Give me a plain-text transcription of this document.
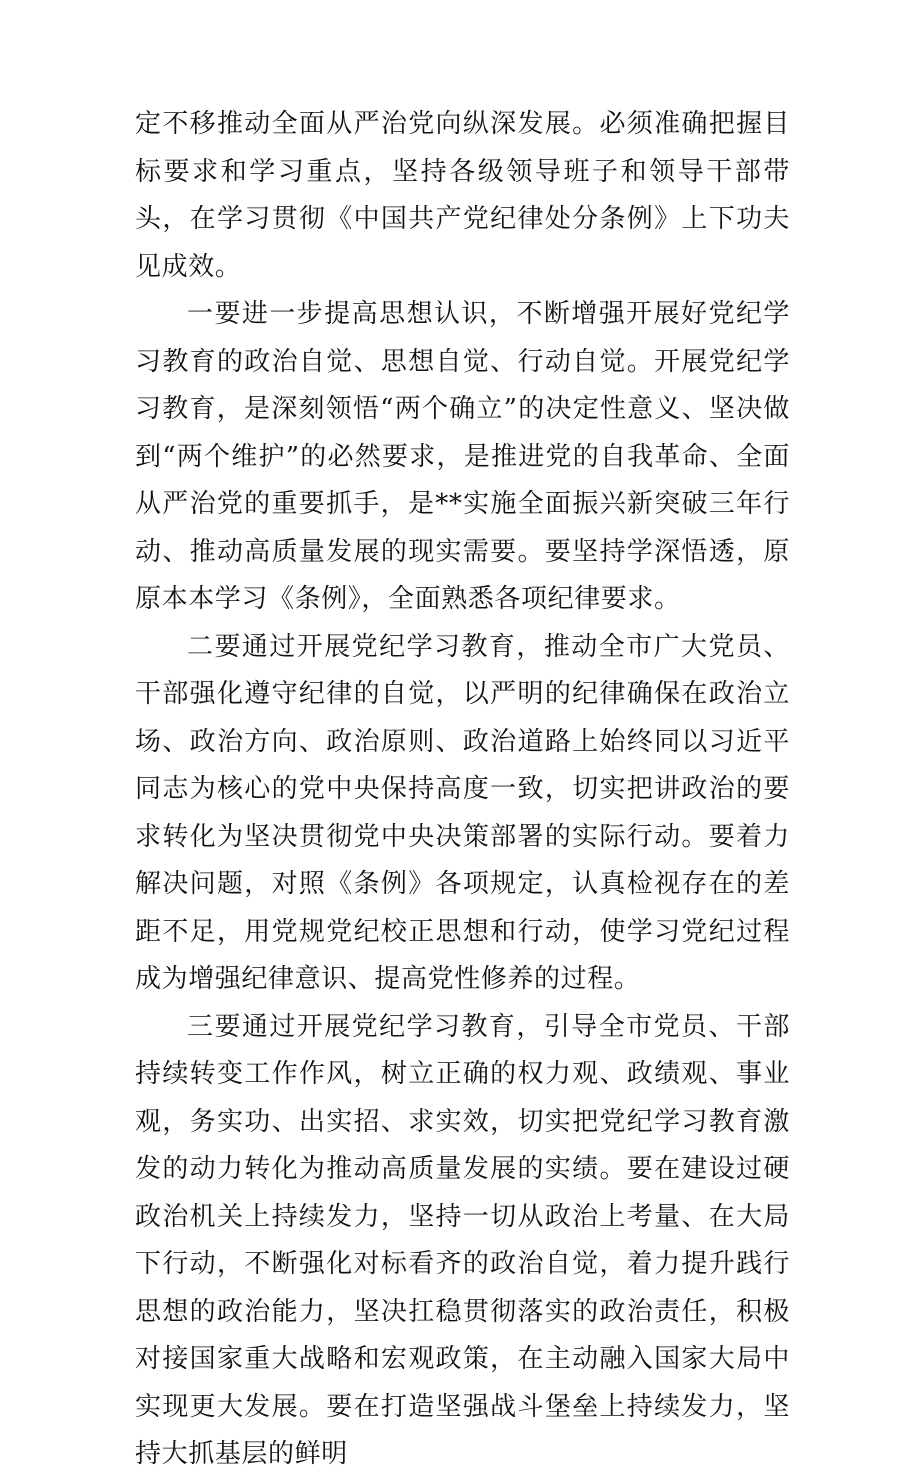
定不移推动全面从严治党向纵深发展。必须准确把握目标要求和学习重点，坚持各级领导班子和领导干部带头，在学习贯彻《中国共产党纪律处分条例》上下功夫见成效。

一要进一步提高思想认识，不断增强开展好党纪学习教育的政治自觉、思想自觉、行动自觉。开展党纪学习教育，是深刻领悟“两个确立”的决定性意义、坚决做到“两个维护”的必然要求，是推进党的自我革命、全面从严治党的重要抓手，是**实施全面振兴新突破三年行动、推动高质量发展的现实需要。要坚持学深悟透，原原本本学习《条例》，全面熟悉各项纪律要求。

二要通过开展党纪学习教育，推动全市广大党员、干部强化遵守纪律的自觉，以严明的纪律确保在政治立场、政治方向、政治原则、政治道路上始终同以习近平同志为核心的党中央保持高度一致，切实把讲政治的要求转化为坚决贯彻党中央决策部署的实际行动。要着力解决问题，对照《条例》各项规定，认真检视存在的差距不足，用党规党纪校正思想和行动，使学习党纪过程成为增强纪律意识、提高党性修养的过程。

三要通过开展党纪学习教育，引导全市党员、干部持续转变工作作风，树立正确的权力观、政绩观、事业观，务实功、出实招、求实效，切实把党纪学习教育激发的动力转化为推动高质量发展的实绩。要在建设过硬政治机关上持续发力，坚持一切从政治上考量、在大局下行动，不断强化对标看齐的政治自觉，着力提升践行思想的政治能力，坚决扛稳贯彻落实的政治责任，积极对接国家重大战略和宏观政策，在主动融入国家大局中实现更大发展。要在打造坚强战斗堡垒上持续发力，坚持大抓基层的鲜明
